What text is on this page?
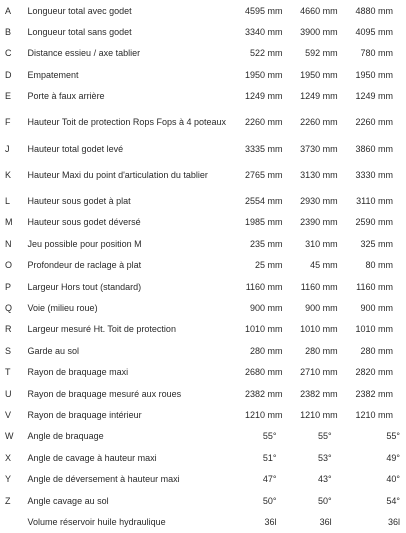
A	Longueur total avec godet	4595 mm	4660 mm	4880 mm
B	Longueur total sans godet	3340 mm	3900 mm	4095 mm
C	Distance essieu / axe tablier	522 mm	592 mm	780 mm
D	Empatement	1950 mm	1950 mm	1950 mm
E	Porte à faux arrière	1249 mm	1249 mm	1249 mm
F	Hauteur Toit de protection Rops Fops à 4 poteaux	2260 mm	2260 mm	2260 mm
J	Hauteur total godet levé	3335 mm	3730 mm	3860 mm
K	Hauteur Maxi du point d'articulation du tablier	2765 mm	3130 mm	3330 mm
L	Hauteur sous godet à plat	2554 mm	2930 mm	3110 mm
M	Hauteur sous godet déversé	1985 mm	2390 mm	2590 mm
N	Jeu possible pour position M	235 mm	310 mm	325 mm
O	Profondeur de raclage à plat	25 mm	45 mm	80 mm
P	Largeur Hors tout (standard)	1160 mm	1160 mm	1160 mm
Q	Voie (milieu roue)	900 mm	900 mm	900 mm
R	Largeur mesuré Ht. Toit de protection	1010 mm	1010 mm	1010 mm
S	Garde au sol	280 mm	280 mm	280 mm
T	Rayon de braquage maxi	2680 mm	2710 mm	2820 mm
U	Rayon de braquage mesuré aux roues	2382 mm	2382 mm	2382 mm
V	Rayon de braquage intérieur	1210 mm	1210 mm	1210 mm
W	Angle de braquage	55°	55°	55°
X	Angle de cavage à hauteur maxi	51°	53°	49°
Y	Angle de déversement à hauteur maxi	47°	43°	40°
Z	Angle cavage au sol	50°	50°	54°
	Volume réservoir huile hydraulique	36l	36l	36l
